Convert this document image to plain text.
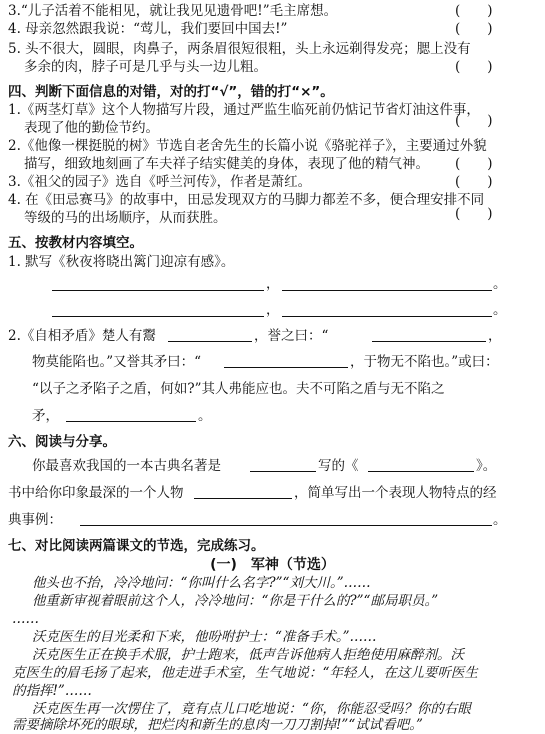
3.“儿子活着不能相见，就让我见见遗骨吧!”毛主席想。	(　　)
4. 母亲忽然跟我说：“莺儿，我们要回中国去!”	(　　)
5. 头不很大，圆眼，肉鼻子，两条眉很短很粗，头上永远剃得发亮；腮上没有
多余的肉，脖子可是几乎与头一边儿粗。	(　　)
四、判断下面信息的对错，对的打“√”，错的打“×”。
1.《两茎灯草》这个人物描写片段，通过严监生临死前仍惦记节省灯油这件事，
表现了他的勤俭节约。	(　　)
2.《他像一棵挺脱的树》节选自老舍先生的长篇小说《骆驼祥子》，主要通过外貌
描写，细致地刻画了车夫祥子结实健美的身体，表现了他的精气神。 (　　)
3.《祖父的园子》选自《呼兰河传》，作者是萧红。	(　　)
4. 在《田忌赛马》的故事中，田忌发现双方的马脚力都差不多，便合理安排不同
等级的马的出场顺序，从而获胜。	(　　)
五、按教材内容填空。
1. 默写《秋夜将晓出篱门迎凉有感》。
，	。
，	。
2.《自相矛盾》楚人有鬻	，誉之曰：“	，
物莫能陷也。”又誉其矛曰：“	，于物无不陷也。”或曰：
“以子之矛陷子之盾，何如?”其人弗能应也。夫不可陷之盾与无不陷之
矛，	。
六、阅读与分享。
你最喜欢我国的一本古典名著是	写的《	》。
书中给你印象最深的一个人物	，简单写出一个表现人物特点的经
典事例：	。
七、对比阅读两篇课文的节选，完成练习。
(一)　军神（节选）
他头也不抬，冷冷地问：“你叫什么名字?”“刘大川。”……
他重新审视着眼前这个人，冷冷地问：“你是干什么的?”“邮局职员。”
……
沃克医生的目光柔和下来，他吩咐护士：“准备手术。”……
沃克医生正在换手术服，护士跑来，低声告诉他病人拒绝使用麻醉剂。沃
克医生的眉毛扬了起来，他走进手术室，生气地说：“年轻人，在这儿要听医生
的指挥!”……
沃克医生再一次愣住了，竟有点儿口吃地说：“你，你能忍受吗？你的右眼
需要摘除坏死的眼球，把烂肉和新生的息肉一刀刀割掉!”“试试看吧。”
